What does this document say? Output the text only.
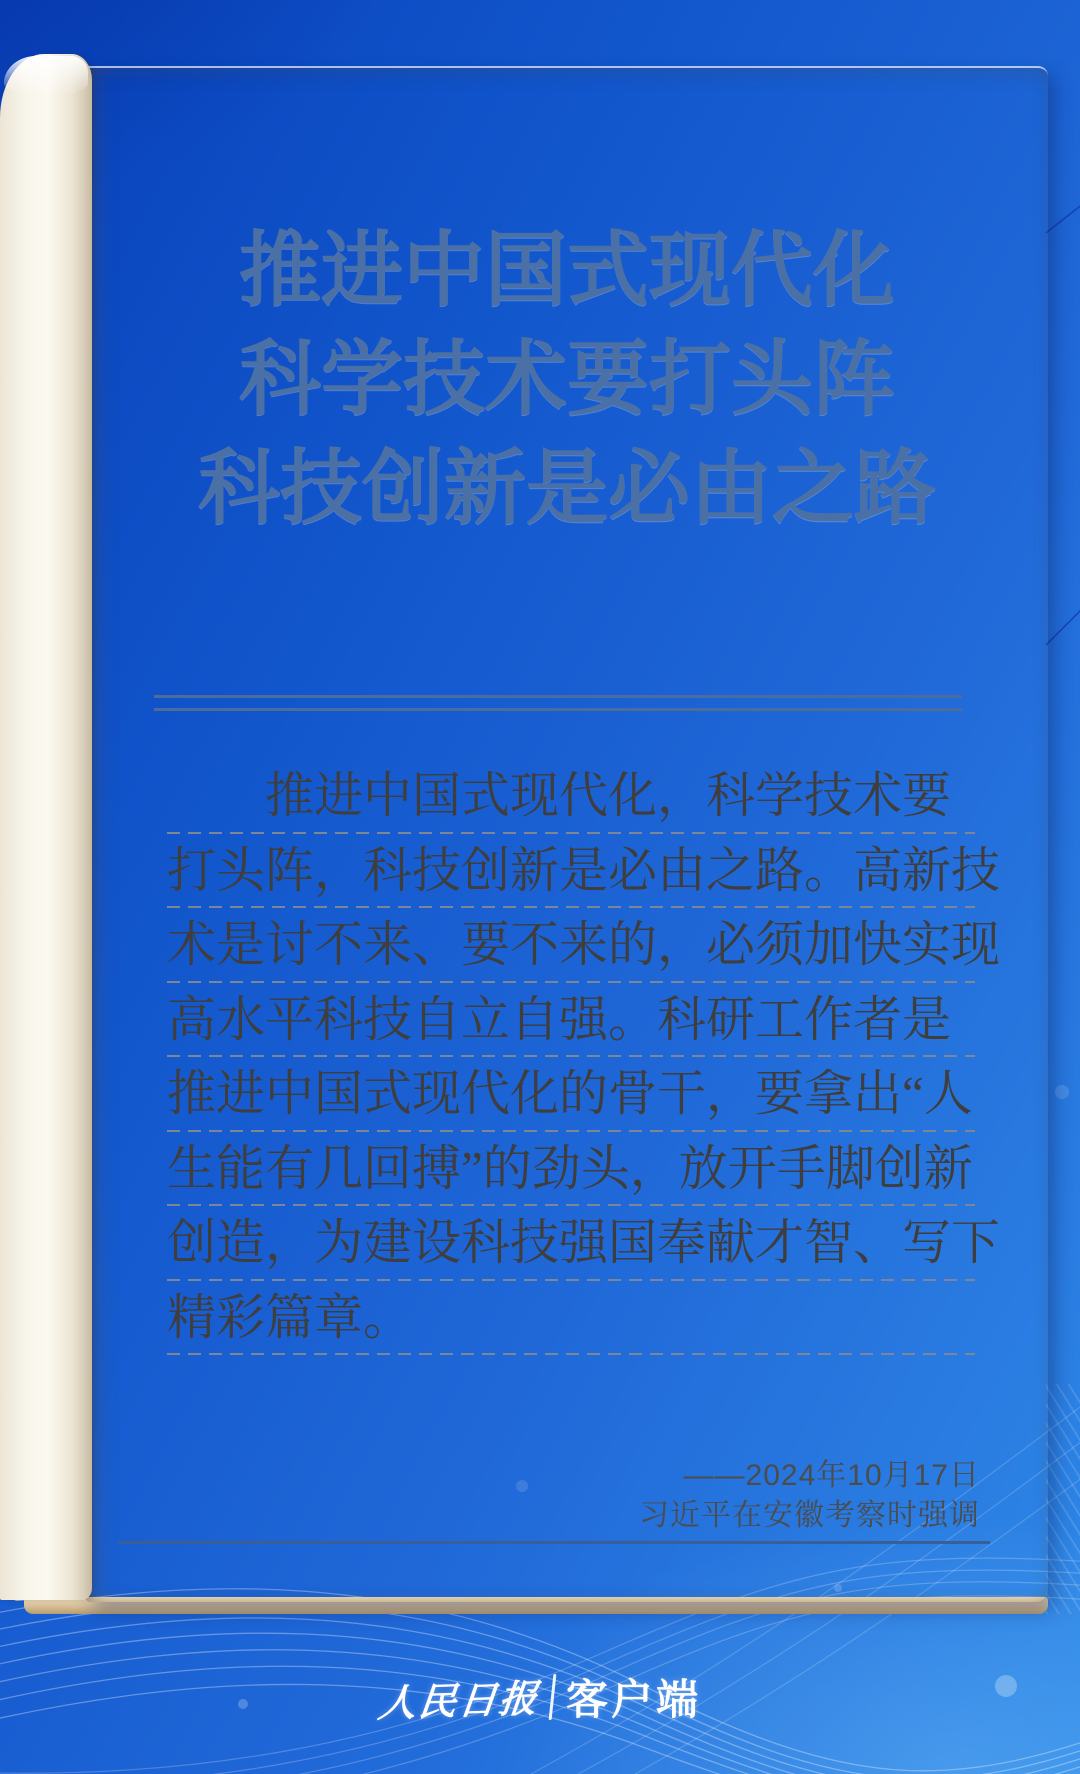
推进中国式现代化
科学技术要打头阵
科技创新是必由之路
推进中国式现代化，科学技术要
打头阵，科技创新是必由之路。高新技
术是讨不来、要不来的，必须加快实现
高水平科技自立自强。科研工作者是
推进中国式现代化的骨干，要拿出“人
生能有几回搏”的劲头，放开手脚创新
创造，为建设科技强国奉献才智、写下
精彩篇章。
——2024年10月17日
习近平在安徽考察时强调
人民日报 客户端
